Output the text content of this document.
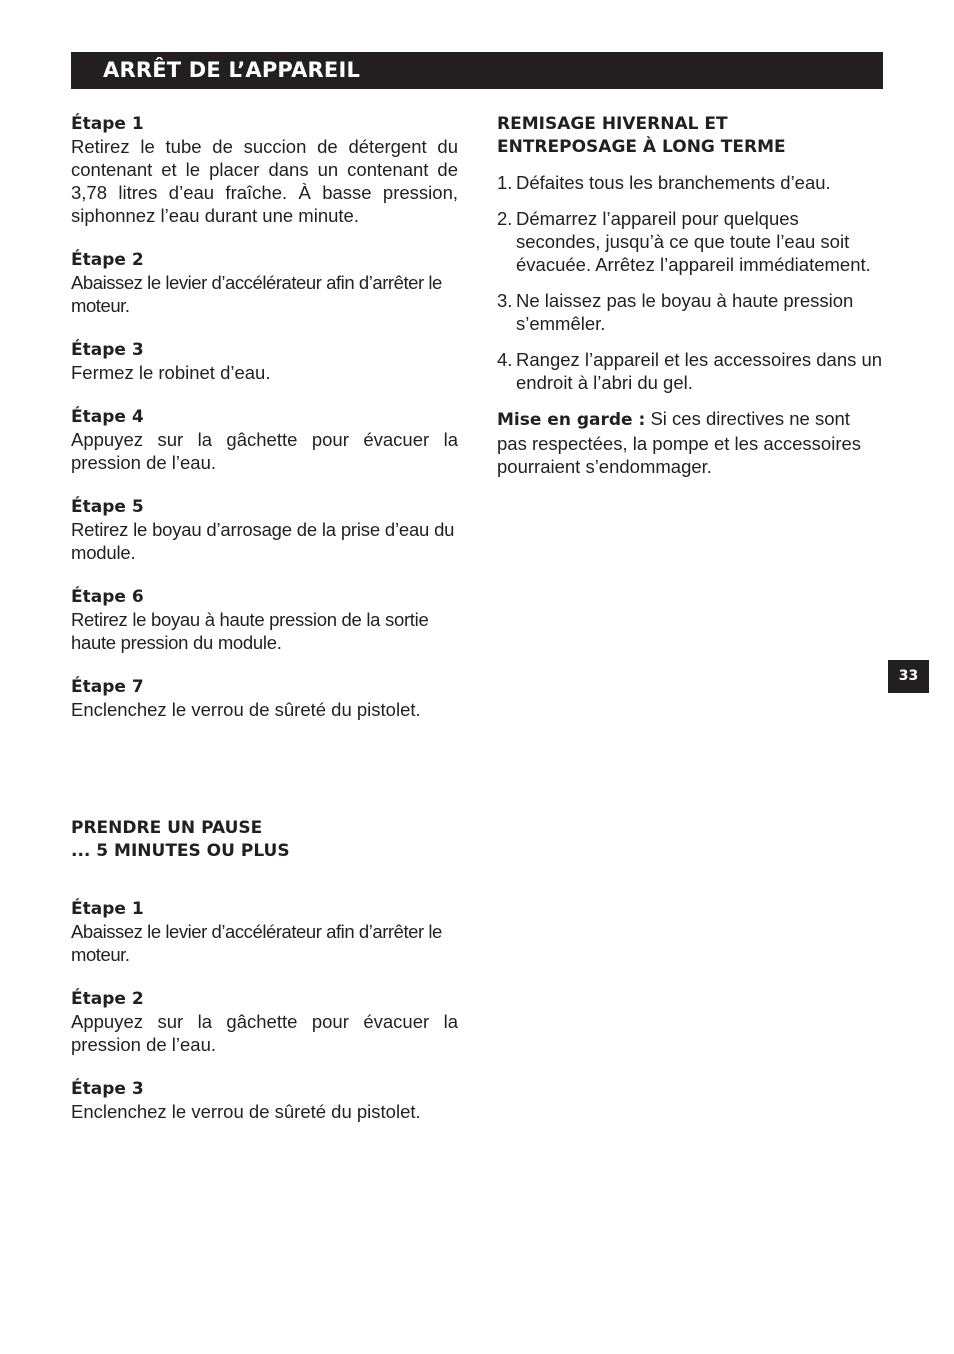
ARRÊT DE L’APPAREIL

Étape 1

Retirez le tube de succion de détergent du contenant et le placer dans un contenant de 3,78 litres d’eau fraîche. À basse pression, siphonnez l’eau durant une minute.

Étape 2

Abaissez le levier d’accélérateur afin d’arrêter le moteur.

Étape 3

Fermez le robinet d’eau.

Étape 4

Appuyez sur la gâchette pour évacuer la pression de l’eau.

Étape 5

Retirez le boyau d’arrosage de la prise d’eau du module.

Étape 6

Retirez le boyau à haute pression de la sortie haute pression du module.

Étape 7

Enclenchez le verrou de sûreté du pistolet.

PRENDRE UN PAUSE

... 5 MINUTES OU PLUS

Étape 1

Abaissez le levier d’accélérateur afin d’arrêter le moteur.

Étape 2

Appuyez sur la gâchette pour évacuer la pression de l’eau.

Étape 3

Enclenchez le verrou de sûreté du pistolet.

REMISAGE HIVERNAL ET

ENTREPOSAGE À LONG TERME

1. Défaites tous les branchements d’eau.
2. Démarrez l’appareil pour quelques secondes, jusqu’à ce que toute l’eau soit évacuée. Arrêtez l’appareil immédiatement.
3. Ne laissez pas le boyau à haute pression s’emmêler.
4. Rangez l’appareil et les accessoires dans un endroit à l’abri du gel.

Mise en garde : Si ces directives ne sont pas respectées, la pompe et les accessoires pourraient s’endommager.

33
